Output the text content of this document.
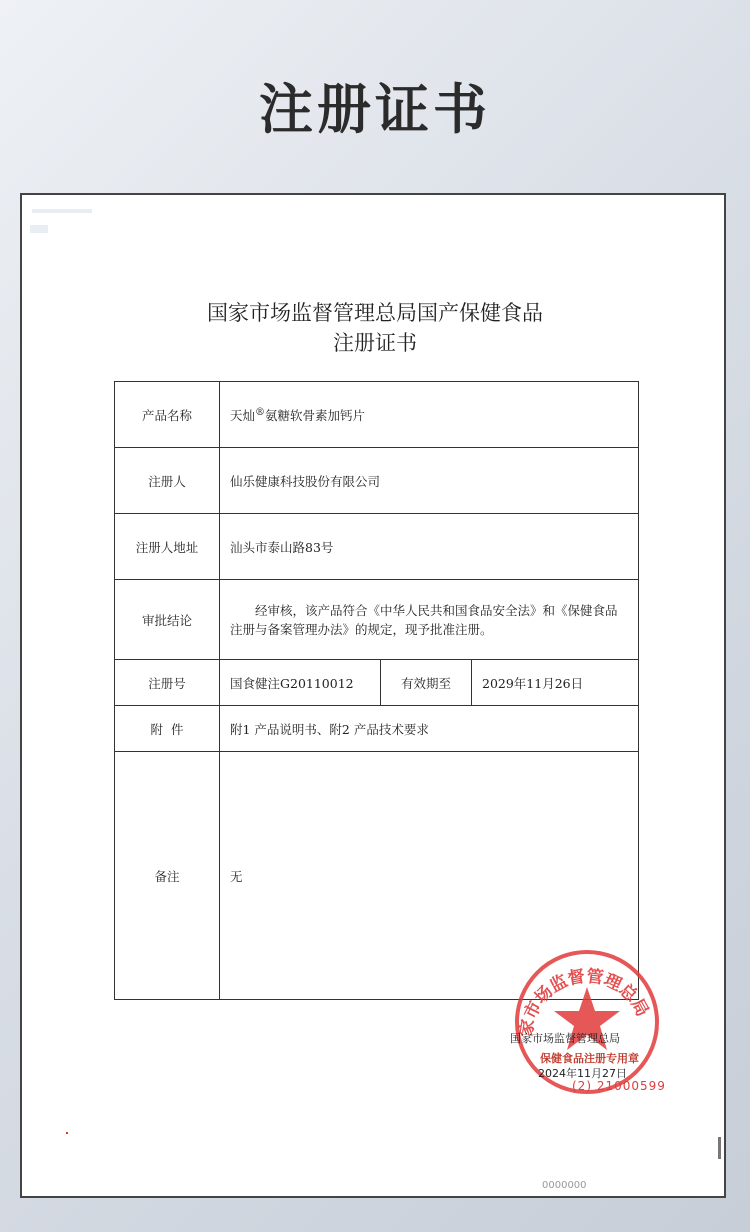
注册证书
国家市场监督管理总局国产保健食品
注册证书
产品名称	天灿®氨糖软骨素加钙片		
注册人	仙乐健康科技股份有限公司		
注册人地址	汕头市泰山路83号		
审批结论	经审核，该产品符合《中华人民共和国食品安全法》和《保健食品注册与备案管理办法》的规定，现予批准注册。		
注册号	国食健注G20110012	有效期至	2029年11月26日
附  件	附1 产品说明书、附2 产品技术要求		
备注	无		
家市场监督管理总局
国家市场监督管理总局
保健食品注册专用章
2024年11月27日
(2) 21000599
0000000
